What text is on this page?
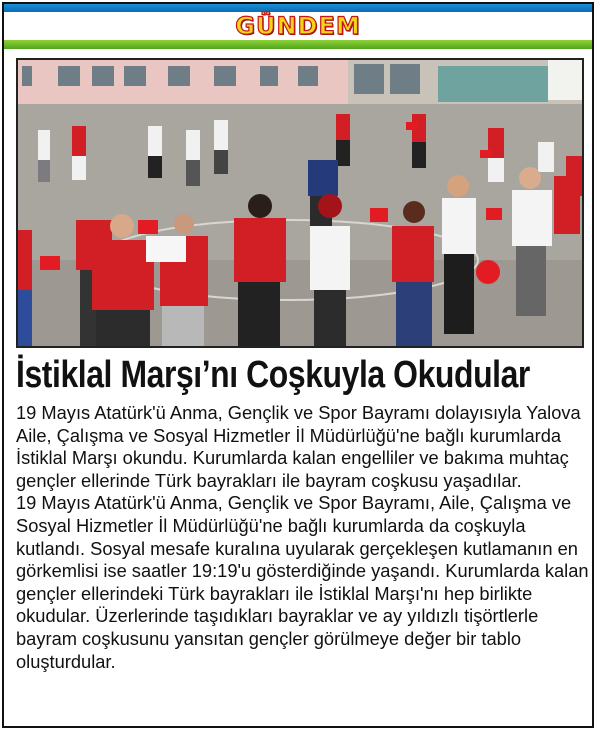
GÜNDEM
İstiklal Marşı’nı Coşkuyla Okudular

19 Mayıs Atatürk'ü Anma, Gençlik ve Spor Bayramı dolayısıyla Yalova Aile, Çalışma ve Sosyal Hizmetler İl Müdürlüğü'ne bağlı kurumlarda İstiklal Marşı okundu. Kurumlarda kalan engelliler ve bakıma muhtaç gençler ellerinde Türk bayrakları ile bayram coşkusu yaşadılar.

19 Mayıs Atatürk'ü Anma, Gençlik ve Spor Bayramı, Aile, Çalışma ve Sosyal Hizmetler İl Müdürlüğü'ne bağlı kurumlarda da coşkuyla kutlandı. Sosyal mesafe kuralına uyularak gerçekleşen kutlamanın en görkemlisi ise saatler 19:19'u gösterdiğinde yaşandı. Kurumlarda kalan gençler ellerindeki Türk bayrakları ile İstiklal Marşı'nı hep birlikte okudular. Üzerlerinde taşıdıkları bayraklar ve ay yıldızlı tişörtlerle bayram coşkusunu yansıtan gençler görülmeye değer bir tablo oluşturdular.
